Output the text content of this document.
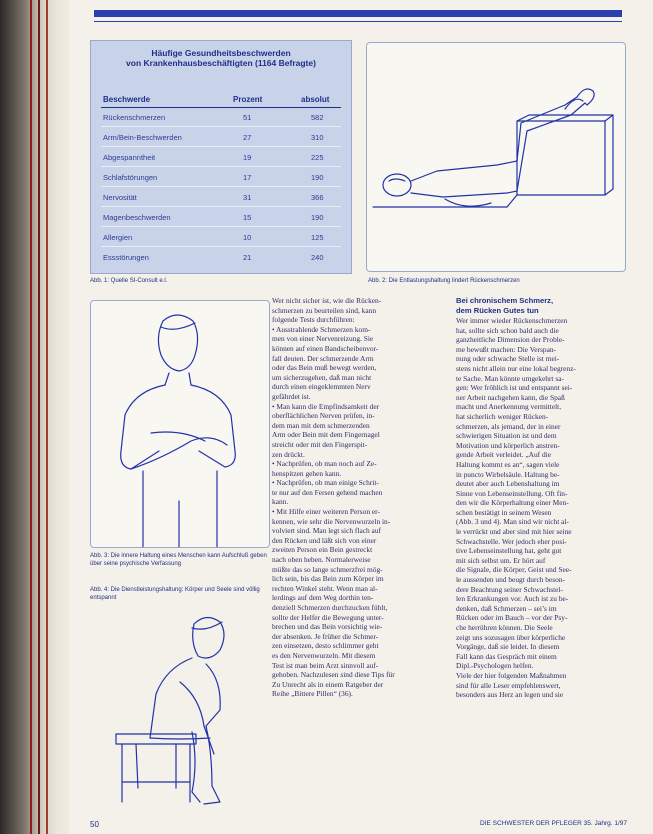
Häufige Gesundheitsbeschwerden
von Krankenhausbeschäftigten (1164 Befragte)
Beschwerde	Prozent	absolut
Rückenschmerzen	51	582
Arm/Bein-Beschwerden	27	310
Abgespanntheit	19	225
Schlafstörungen	17	190
Nervosität	31	366
Magenbeschwerden	15	190
Allergien	10	125
Essstörungen	21	240
Abb. 1: Quelle SI-Consult e.l.	Abb. 2: Die Entlastungshaltung lindert Rückenschmerzen
Abb. 3: Die innere Haltung eines Menschen kann Aufschluß geben über seine psychische Verfassung
Abb. 4: Die Dienstleistungshaltung: Körper und Seele sind völlig entspannt
Wer nicht sicher ist, wie die Rücken-
schmerzen zu beurteilen sind, kann
folgende Tests durchführen:
• Ausstrahlende Schmerzen kom-
men von einer Nervenreizung. Sie
können auf einen Bandscheibenvor-
fall deuten. Der schmerzende Arm
oder das Bein muß bewegt werden,
um sicherzugehen, daß man nicht
durch einen eingeklemmten Nerv
gefährdet ist.
• Man kann die Empfindsamkeit der
oberflächlichen Nerven prüfen, in-
dem man mit dem schmerzenden
Arm oder Bein mit dem Fingernagel
streicht oder mit den Fingerspit-
zen drückt.
• Nachprüfen, ob man noch auf Ze-
henspitzen gehen kann.
• Nachprüfen, ob man einige Schrit-
te nur auf den Fersen gehend machen
kann.
• Mit Hilfe einer weiteren Person er-
kennen, wie sehr die Nervenwurzeln in-
volviert sind. Man legt sich flach auf
den Rücken und läßt sich von einer
zweiten Person ein Bein gestreckt
nach oben heben. Normalerweise
müßte das so lange schmerzfrei mög-
lich sein, bis das Bein zum Körper im
rechten Winkel steht. Wenn man al-
lerdings auf dem Weg dorthin ten-
denziell Schmerzen durchzucken fühlt,
sollte der Helfer die Bewegung unter-
brechen und das Bein vorsichtig wie-
der absenken. Je früher die Schmer-
zen einsetzen, desto schlimmer geht
es den Nervenwurzeln. Mit diesem
Test ist man beim Arzt sinnvoll auf-
gehoben. Nachzulesen sind diese Tips für
Zu Unrecht als in einem Ratgeber der
Reihe „Bittere Pillen“ (36).
Bei chronischem Schmerz,
dem Rücken Gutes tun
Wer immer wieder Rückenschmerzen
hat, sollte sich schon bald auch die
ganzheitliche Dimension der Proble-
me bewußt machen: Die Verspan-
nung oder schwache Stelle ist mei-
stens nicht allein nur eine lokal begrenz-
te Sache. Man könnte umgekehrt sa-
gen: Wer fröhlich ist und entspannt sei-
ner Arbeit nachgehen kann, die Spaß
macht und Anerkennung vermittelt,
hat sicherlich weniger Rücken-
schmerzen, als jemand, der in einer
schwierigen Situation ist und dem
Motivation und körperlich anstren-
gende Arbeit verleidet. „Auf die
Haltung kommt es an“, sagen viele
in puncto Wirbelsäule. Haltung be-
deutet aber auch Lebenshaltung im
Sinne von Lebenseinstellung. Oft fin-
den wir die Körperhaltung einer Men-
schen bestätigt in seinem Wesen
(Abb. 3 und 4). Man sind wir nicht al-
le verrückt und aber sind mit hier seine
Schwachstelle. Wer jedoch eher posi-
tive Lebenseinstellung hat, geht gut
mit sich selbst um. Er hört auf
die Signale, die Körper, Geist und See-
le aussenden und beugt durch beson-
dere Beachtung seiner Schwachstel-
len Erkrankungen vor. Auch ist zu be-
denken, daß Schmerzen – sei’s im
Rücken oder im Bauch – vor der Psy-
che herrühren können. Die Seele
zeigt uns sozusagen über körperliche
Vorgänge, daß sie leidet. In diesem
Fall kann das Gespräch mit einem
Dipl.-Psychologen helfen.
Viele der hier folgenden Maßnahmen
sind für alle Leser empfehlenswert,
besonders aus Herz an legen und sie
50	DIE SCHWESTER DER PFLEGER 35. Jahrg. 1/97
